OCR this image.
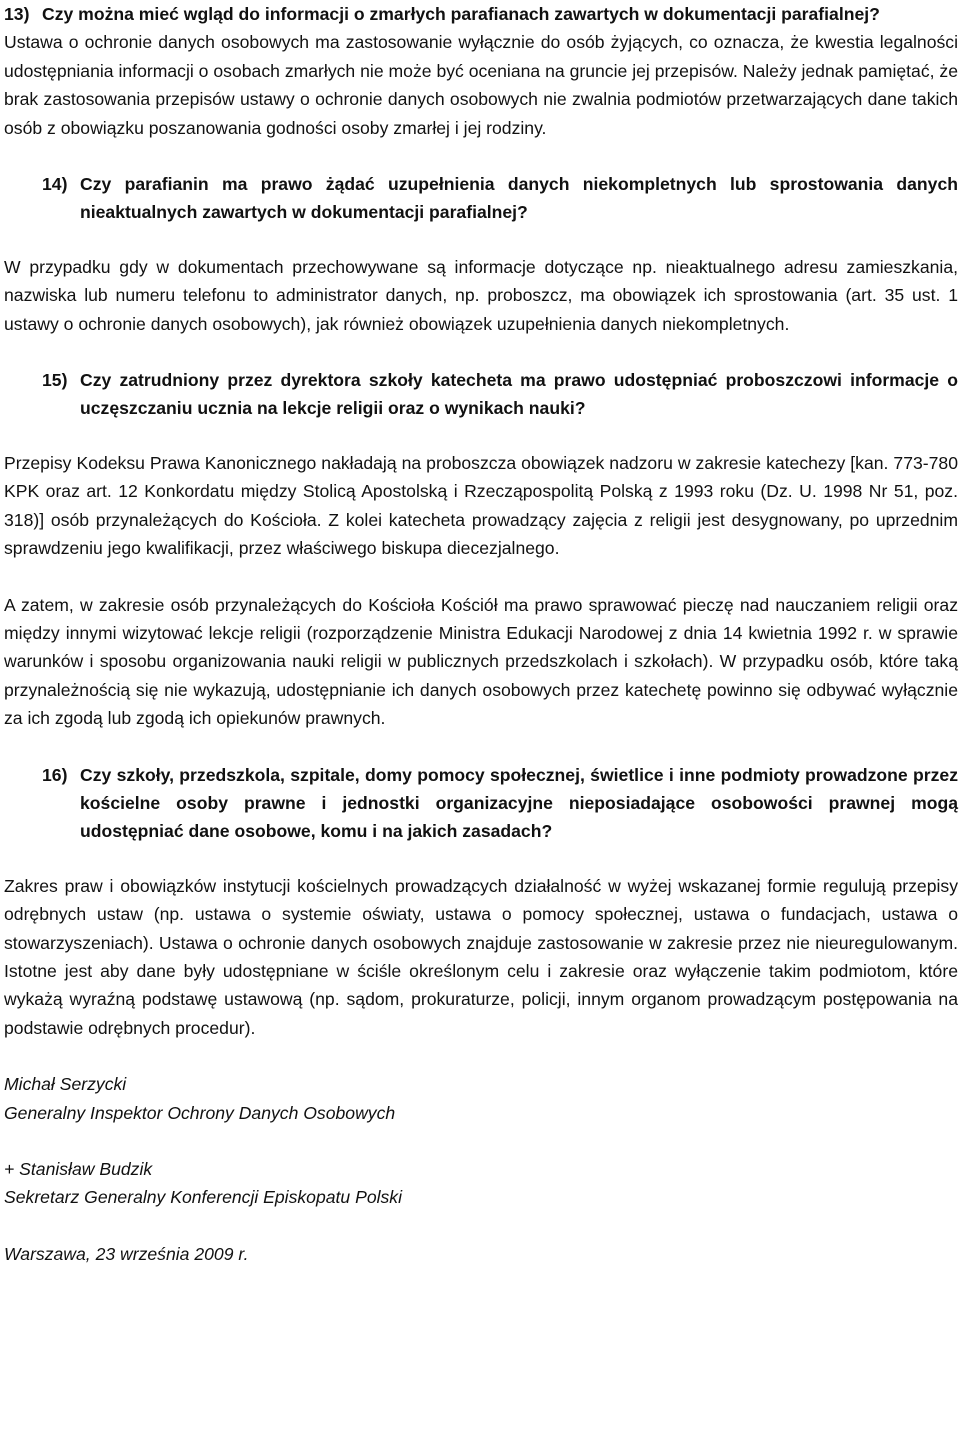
13) Czy można mieć wgląd do informacji o zmarłych parafianach zawartych w dokumentacji parafialnej?

Ustawa o ochronie danych osobowych ma zastosowanie wyłącznie do osób żyjących, co oznacza, że kwestia legalności udostępniania informacji o osobach zmarłych nie może być oceniana na gruncie jej przepisów. Należy jednak pamiętać, że brak zastosowania przepisów ustawy o ochronie danych osobowych nie zwalnia podmiotów przetwarzających dane takich osób z obowiązku poszanowania godności osoby zmarłej i jej rodziny.

14) Czy parafianin ma prawo żądać uzupełnienia danych niekompletnych lub sprostowania danych nieaktualnych zawartych w dokumentacji parafialnej?

W przypadku gdy w dokumentach przechowywane są informacje dotyczące np. nieaktualnego adresu zamieszkania, nazwiska lub numeru telefonu to administrator danych, np. proboszcz, ma obowiązek ich sprostowania (art. 35 ust. 1 ustawy o ochronie danych osobowych), jak również obowiązek uzupełnienia danych niekompletnych.

15) Czy zatrudniony przez dyrektora szkoły katecheta ma prawo udostępniać proboszczowi informacje o uczęszczaniu ucznia na lekcje religii oraz o wynikach nauki?

Przepisy Kodeksu Prawa Kanonicznego nakładają na proboszcza obowiązek nadzoru w zakresie katechezy [kan. 773-780 KPK oraz art. 12 Konkordatu między Stolicą Apostolską i Rzecząpospolitą Polską z 1993 roku (Dz. U. 1998 Nr 51, poz. 318)] osób przynależących do Kościoła. Z kolei katecheta prowadzący zajęcia z religii jest desygnowany, po uprzednim sprawdzeniu jego kwalifikacji, przez właściwego biskupa diecezjalnego.

A zatem, w zakresie osób przynależących do Kościoła Kościół ma prawo sprawować pieczę nad nauczaniem religii oraz między innymi wizytować lekcje religii (rozporządzenie Ministra Edukacji Narodowej z dnia 14 kwietnia 1992 r. w sprawie warunków i sposobu organizowania nauki religii w publicznych przedszkolach i szkołach). W przypadku osób, które taką przynależnością się nie wykazują, udostępnianie ich danych osobowych przez katechetę powinno się odbywać wyłącznie za ich zgodą lub zgodą ich opiekunów prawnych.

16) Czy szkoły, przedszkola, szpitale, domy pomocy społecznej, świetlice i inne podmioty prowadzone przez kościelne osoby prawne i jednostki organizacyjne nieposiadające osobowości prawnej mogą udostępniać dane osobowe, komu i na jakich zasadach?

Zakres praw i obowiązków instytucji kościelnych prowadzących działalność w wyżej wskazanej formie regulują przepisy odrębnych ustaw (np. ustawa o systemie oświaty, ustawa o pomocy społecznej, ustawa o fundacjach, ustawa o stowarzyszeniach). Ustawa o ochronie danych osobowych znajduje zastosowanie w zakresie przez nie nieuregulowanym. Istotne jest aby dane były udostępniane w ściśle określonym celu i zakresie oraz wyłączenie takim podmiotom, które wykażą wyraźną podstawę ustawową (np. sądom, prokuraturze, policji, innym organom prowadzącym postępowania na podstawie odrębnych procedur).

Michał Serzycki

Generalny Inspektor Ochrony Danych Osobowych

+ Stanisław Budzik

Sekretarz Generalny Konferencji Episkopatu Polski

Warszawa, 23 września 2009 r.
